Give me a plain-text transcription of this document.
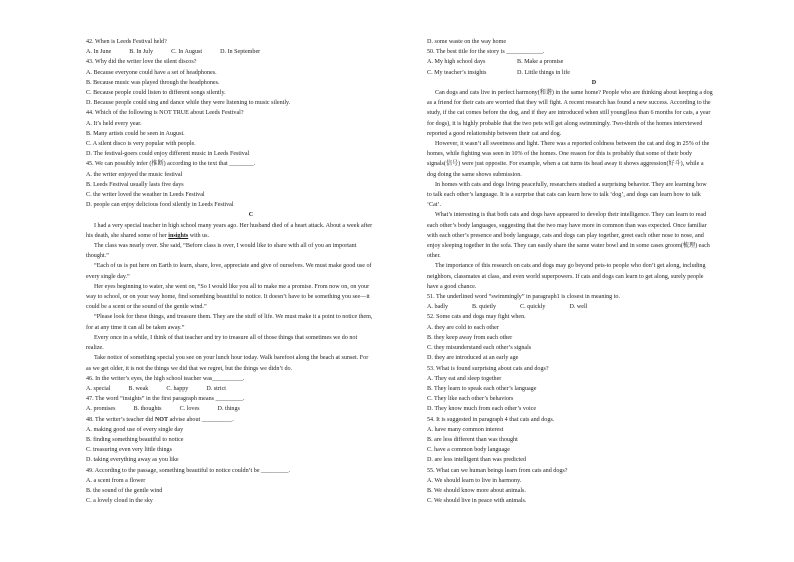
42. When is Leeds Festival held?
A. In June	B. In July	C. In August	D. In September
43. Why did the writer love the silent discos?
A. Because everyone could have a set of headphones.
B. Because music was played through the headphones.
C. Because people could listen to different songs silently.
D. Because people could sing and dance while they were listening to music silently.
44. Which of the following is NOT TRUE about Leeds Festival?
A. It’s held every year.
B. Many artists could be seen in August.
C. A silent disco is very popular with people.
D. The festival-goers could enjoy different music in Leeds Festival
45. We can possibly infer (推断) according to the text that ________.
A. the writer enjoyed the music festival
B. Leeds Festival usually lasts five days
C. the writer loved the weather in Leeds Festival
D. people can enjoy delicious food silently in Leeds Festival
C
I had a very special teacher in high school many years ago. Her husband died of a heart attack. About a week after
his death, she shared some of her insights with us.
The class was nearly over. She said, “Before class is over, I would like to share with all of you an important
thought.”
“Each of us is put here on Earth to learn, share, love, appreciate and give of ourselves. We must make good use of
every single day.”
Her eyes beginning to water, she went on, “So I would like you all to make me a promise. From now on, on your
way to school, or on your way home, find something beautiful to notice. It doesn’t have to be something you see—it
could be a scent or the sound of the gentle wind.”
“Please look for these things, and treasure them. They are the stuff of life. We must make it a point to notice them,
for at any time it can all be taken away.”
Every once in a while, I think of that teacher and try to treasure all of those things that sometimes we do not
realize.
Take notice of something special you see on your lunch hour today. Walk barefoot along the beach at sunset. For
as we get older, it is not the things we did that we regret, but the things we didn’t do.
46. In the writer’s eyes, the high school teacher was__________.
A. special	B. weak	C. happy	D. strict
47. The word “insights” in the first paragraph means _________.
A. promises	B. thoughts	C. loves	D. things
48. The writer’s teacher did NOT advise about __________.
A. making good use of every single day
B. finding something beautiful to notice
C. treasuring even very little things
D. taking everything away as you like
49. According to the passage, something beautiful to notice couldn’t be _________.
A. a scent from a flower
B. the sound of the gentle wind
C. a lovely cloud in the sky
D. some waste on the way home
50. The best title for the story is ____________.
A. My high school days	B. Make a promise
C. My teacher’s insights	D. Little things in life
D
Can dogs and cats live in perfect harmony(和谐) in the same home? People who are thinking about keeping a dog
as a friend for their cats are worried that they will fight. A recent research has found a new success. According to the
study, if the cat comes before the dog, and if they are introduced when still young(less than 6 months for cats, a year
for dogs), it is highly probable that the two pets will get along swimmingly. Two-thirds of the homes interviewed
reported a good relationship between their cat and dog.
However, it wasn’t all sweetness and light. There was a reported coldness between the cat and dog in 25% of the
homes, while fighting was seen in 10% of the homes. One reason for this is probably that some of their body
signals(信号) were just opposite. For example, when a cat turns its head away it shows aggression(好斗), while a
dog doing the same shows submission.
In homes with cats and dogs living peacefully, researchers studied a surprising behavior. They are learning how
to talk each other’s language. It is a surprise that cats can learn how to talk ‘dog’, and dogs can learn how to talk
‘Cat’.
What’s interesting is that both cats and dogs have appeared to develop their intelligence. They can learn to read
each other’s body languages, suggesting that the two may have more in common than was expected. Once familiar
with each other’s presence and body language, cats and dogs can play together, greet each other nose to nose, and
enjoy sleeping together in the sofa. They can easily share the same water bowl and in some cases groom(梳理) each
other.
The importance of this research on cats and dogs may go beyond pets-to people who don’t get along, including
neighbors, classmates at class, and even world superpowers. If cats and dogs can learn to get along, surely people
have a good chance.
51. The underlined word “swimmingly” in paragraph1 is closest in meaning to.
A. badly	B. quietly	C. quickly	D. well
52. Some cats and dogs may fight when.
A. they are cold to each other
B. they keep away from each other
C. they misunderstand each other’s signals
D. they are introduced at an early age
53. What is found surprising about cats and dogs?
A. They eat and sleep together
B. They learn to speak each other’s language
C. They like each other’s behaviors
D. They know much from each other’s voice
54. It is suggested in paragraph 4 that cats and dogs.
A. have many common interest
B. are less different than was thought
C. have a common body language
D. are less intelligent than was predicted
55. What can we human beings learn from cats and dogs?
A. We should learn to live in harmony.
B. We should know more about animals.
C. We should live in peace with animals.
